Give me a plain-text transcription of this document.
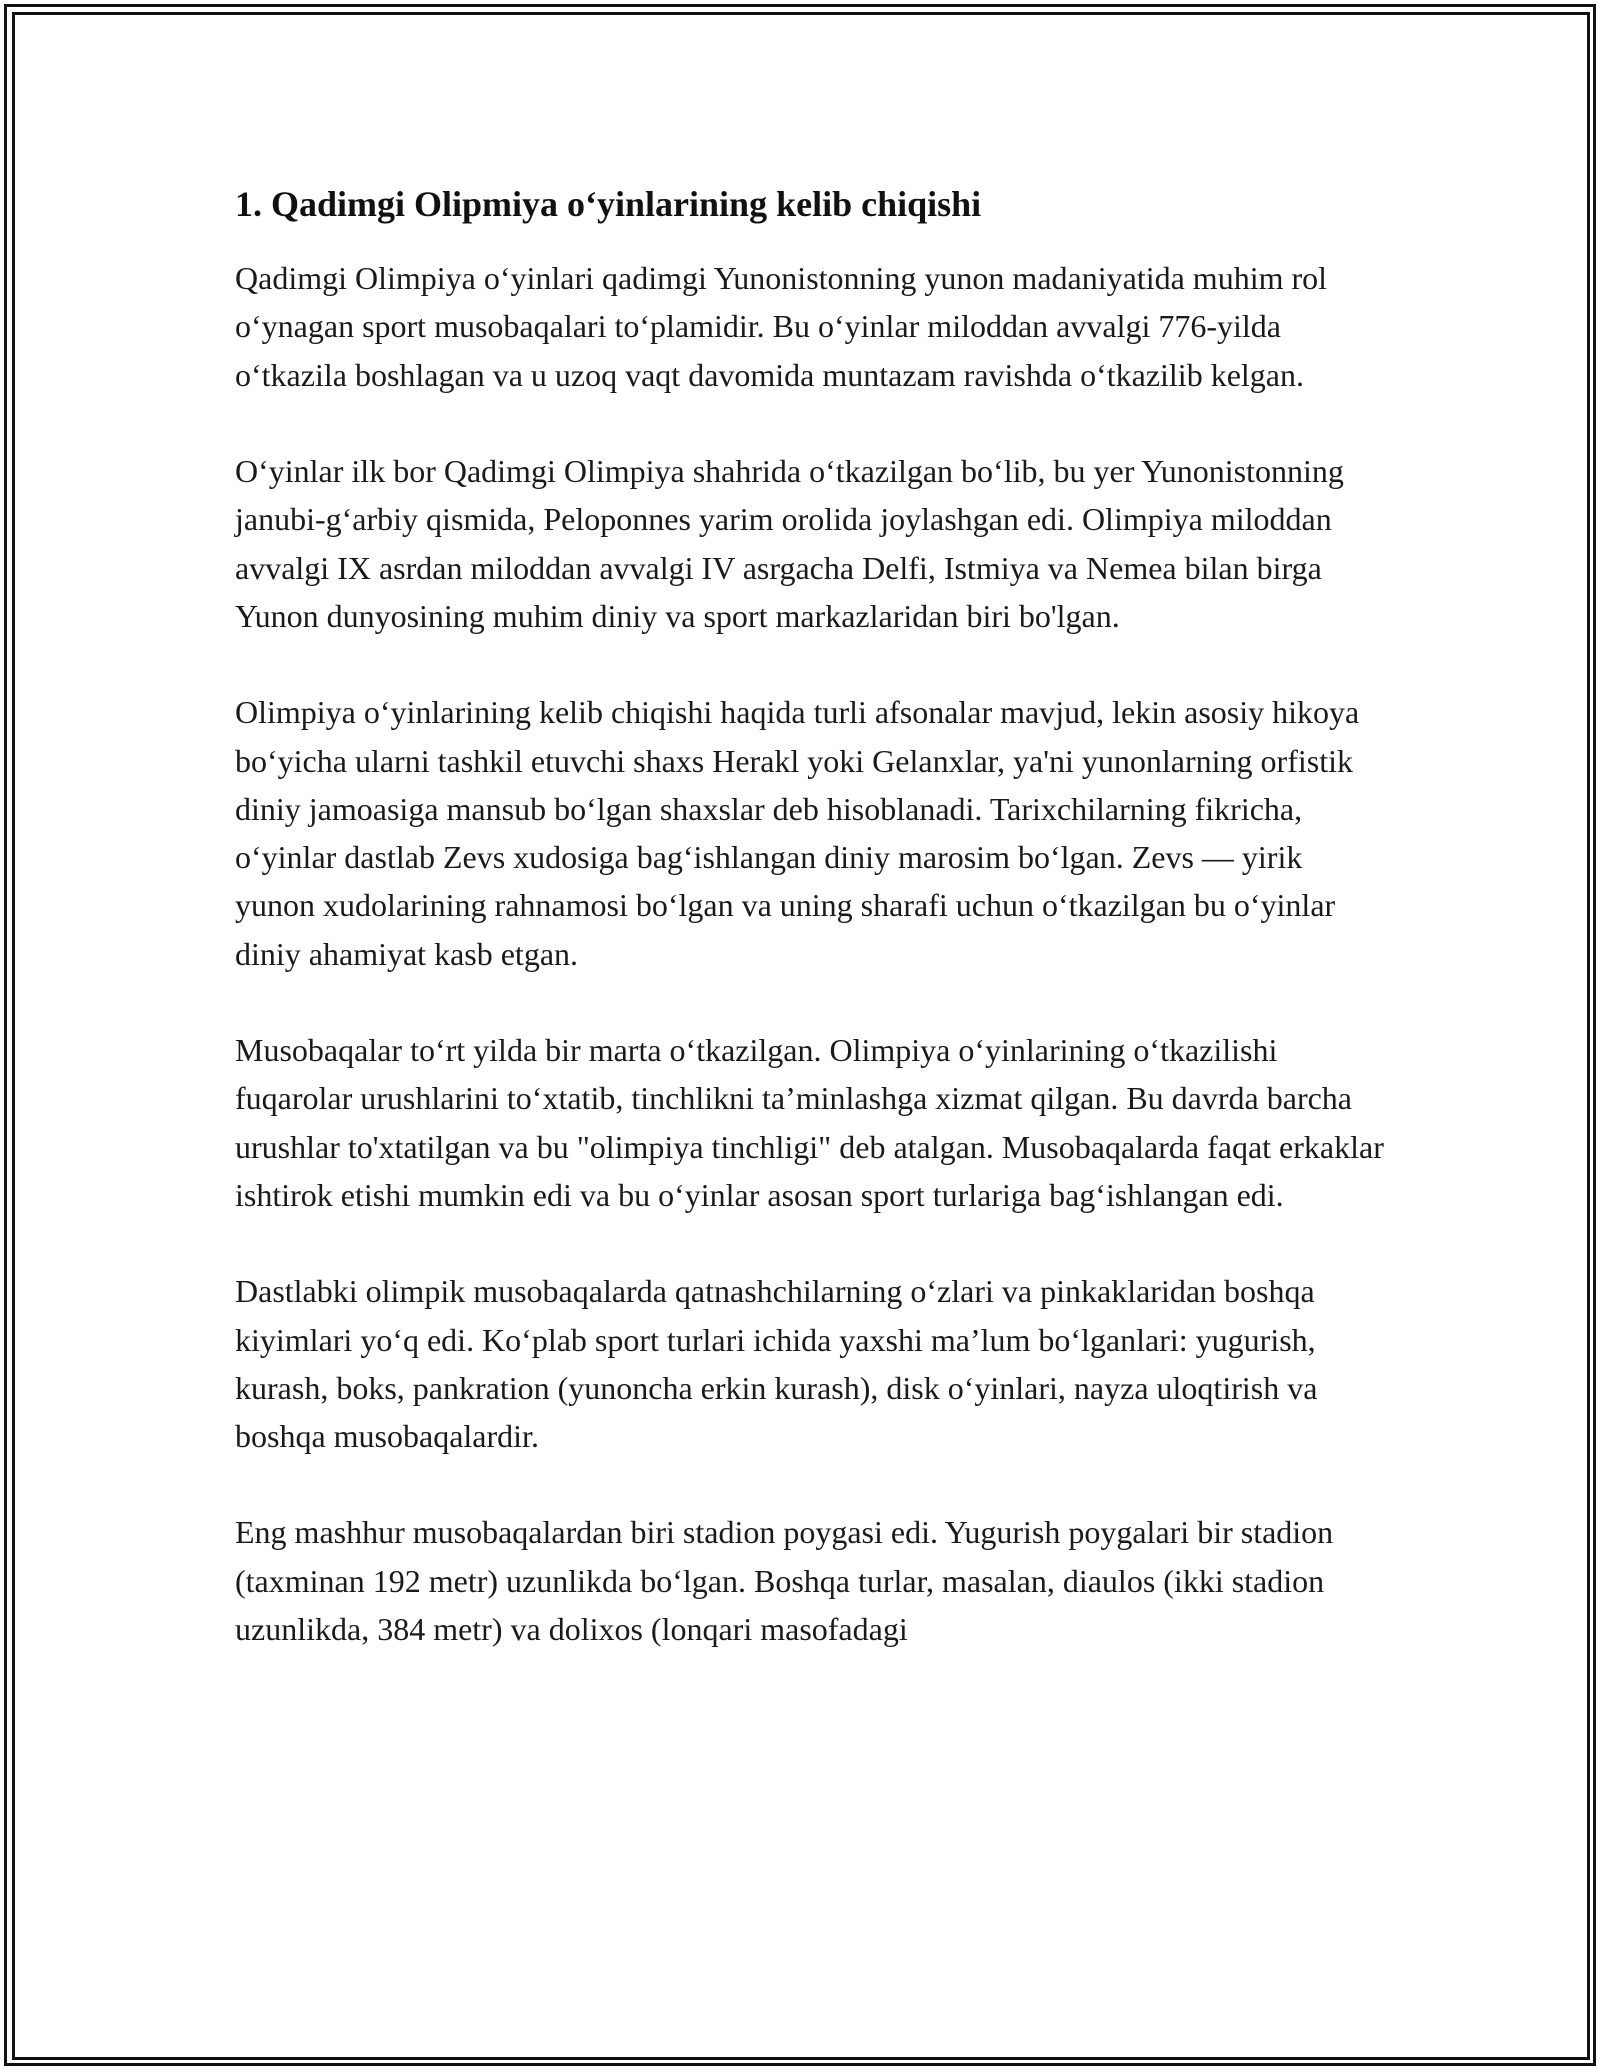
1. Qadimgi Olipmiya o‘yinlarining kelib chiqishi

Qadimgi Olimpiya o‘yinlari qadimgi Yunonistonning yunon madaniyatida muhim rol o‘ynagan sport musobaqalari to‘plamidir. Bu o‘yinlar miloddan avvalgi 776-yilda o‘tkazila boshlagan va u uzoq vaqt davomida muntazam ravishda o‘tkazilib kelgan.

O‘yinlar ilk bor Qadimgi Olimpiya shahrida o‘tkazilgan bo‘lib, bu yer Yunonistonning janubi-g‘arbiy qismida, Peloponnes yarim orolida joylashgan edi. Olimpiya miloddan avvalgi IX asrdan miloddan avvalgi IV asrgacha Delfi, Istmiya va Nemea bilan birga Yunon dunyosining muhim diniy va sport markazlaridan biri bo'lgan.

Olimpiya o‘yinlarining kelib chiqishi haqida turli afsonalar mavjud, lekin asosiy hikoya bo‘yicha ularni tashkil etuvchi shaxs Herakl yoki Gelanxlar, ya'ni yunonlarning orfistik diniy jamoasiga mansub bo‘lgan shaxslar deb hisoblanadi. Tarixchilarning fikricha, o‘yinlar dastlab Zevs xudosiga bag‘ishlangan diniy marosim bo‘lgan. Zevs — yirik yunon xudolarining rahnamosi bo‘lgan va uning sharafi uchun o‘tkazilgan bu o‘yinlar diniy ahamiyat kasb etgan.

Musobaqalar to‘rt yilda bir marta o‘tkazilgan. Olimpiya o‘yinlarining o‘tkazilishi fuqarolar urushlarini to‘xtatib, tinchlikni ta’minlashga xizmat qilgan. Bu davrda barcha urushlar to'xtatilgan va bu "olimpiya tinchligi" deb atalgan. Musobaqalarda faqat erkaklar ishtirok etishi mumkin edi va bu o‘yinlar asosan sport turlariga bag‘ishlangan edi.

Dastlabki olimpik musobaqalarda qatnashchilarning o‘zlari va pinkaklaridan boshqa kiyimlari yo‘q edi. Ko‘plab sport turlari ichida yaxshi ma’lum bo‘lganlari: yugurish, kurash, boks, pankration (yunoncha erkin kurash), disk o‘yinlari, nayza uloqtirish va boshqa musobaqalardir.

Eng mashhur musobaqalardan biri stadion poygasi edi. Yugurish poygalari bir stadion (taxminan 192 metr) uzunlikda bo‘lgan. Boshqa turlar, masalan, diaulos (ikki stadion uzunlikda, 384 metr) va dolixos (lonqari masofadagi
